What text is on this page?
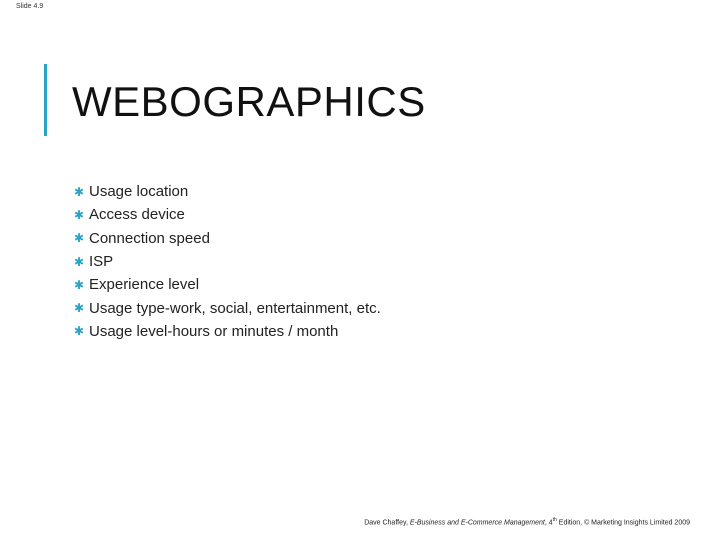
Slide 4.9
WEBOGRAPHICS
✱ Usage location
✱ Access device
✱ Connection speed
✱ ISP
✱ Experience level
✱ Usage type-work, social, entertainment, etc.
✱ Usage level-hours or minutes / month
Dave Chaffey, E-Business and E-Commerce Management, 4th Edition, © Marketing Insights Limited 2009
